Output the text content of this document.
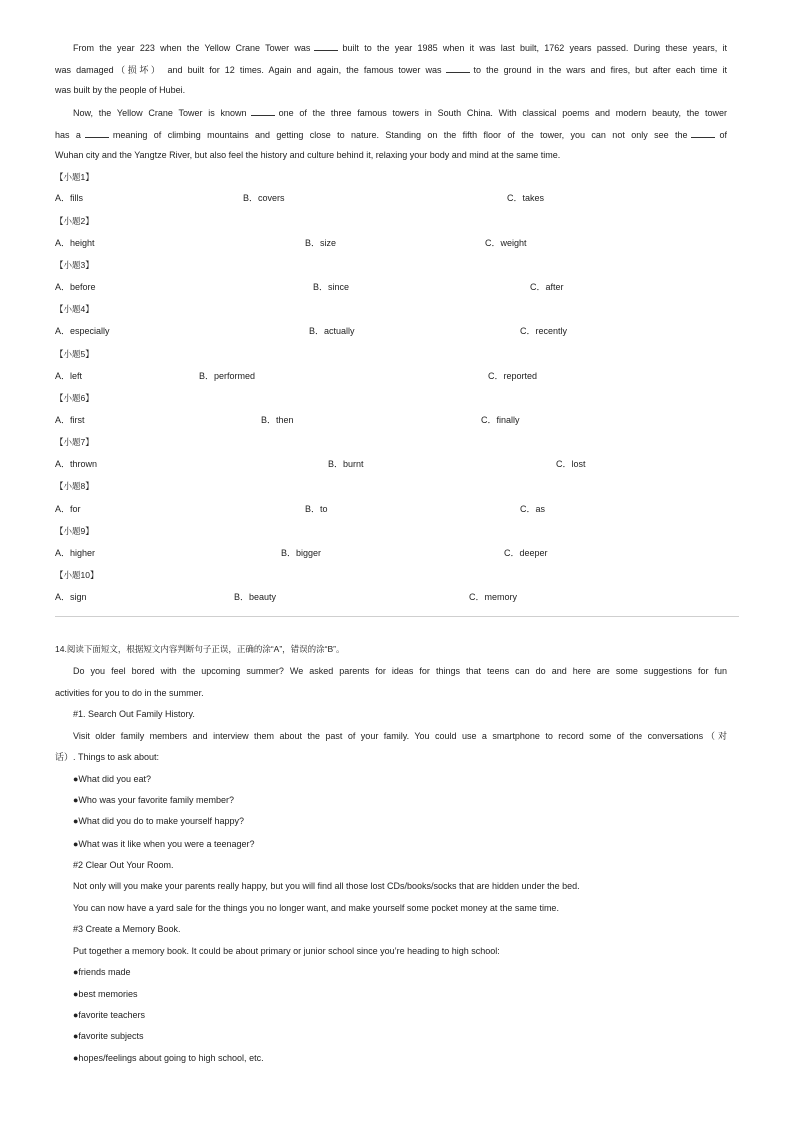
From the year 223 when the Yellow Crane Tower was	built to the year 1985 when it was last built, 1762 years passed. During these years, it
was damaged（损坏） and built for 12 times. Again and again, the famous tower was	to the ground in the wars and fires, but after each time it
was built by the people of Hubei.
Now, the Yellow Crane Tower is known	one of the three famous towers in South China. With classical poems and modern beauty, the tower
has a	meaning of climbing mountains and getting close to nature. Standing on the fifth floor of the tower, you can not only see the	of
Wuhan city and the Yangtze River, but also feel the history and culture behind it, relaxing your body and mind at the same time.
【小题1】
A．fills	B．covers	C．takes
【小题2】
A．height	B．size	C．weight
【小题3】
A．before	B．since	C．after
【小题4】
A．especially	B．actually	C．recently
【小题5】
A．left	B．performed	C．reported
【小题6】
A．first	B．then	C．finally
【小题7】
A．thrown	B．burnt	C．lost
【小题8】
A．for	B．to	C．as
【小题9】
A．higher	B．bigger	C．deeper
【小题10】
A．sign	B．beauty	C．memory
14.阅读下面短文，根据短文内容判断句子正误，正确的涂“A”，错误的涂“B”。
Do you feel bored with the upcoming summer? We asked parents for ideas for things that teens can do and here are some suggestions for fun
activities for you to do in the summer.
#1. Search Out Family History.
Visit older family members and interview them about the past of your family. You could use a smartphone to record some of the conversations（对
话）. Things to ask about:
●What did you eat?
●Who was your favorite family member?
●What did you do to make yourself happy?
●What was it like when you were a teenager?
#2 Clear Out Your Room.
Not only will you make your parents really happy, but you will find all those lost CDs/books/socks that are hidden under the bed.
You can now have a yard sale for the things you no longer want, and make yourself some pocket money at the same time.
#3 Create a Memory Book.
Put together a memory book. It could be about primary or junior school since you’re heading to high school:
●friends made
●best memories
●favorite teachers
●favorite subjects
●hopes/feelings about going to high school, etc.
